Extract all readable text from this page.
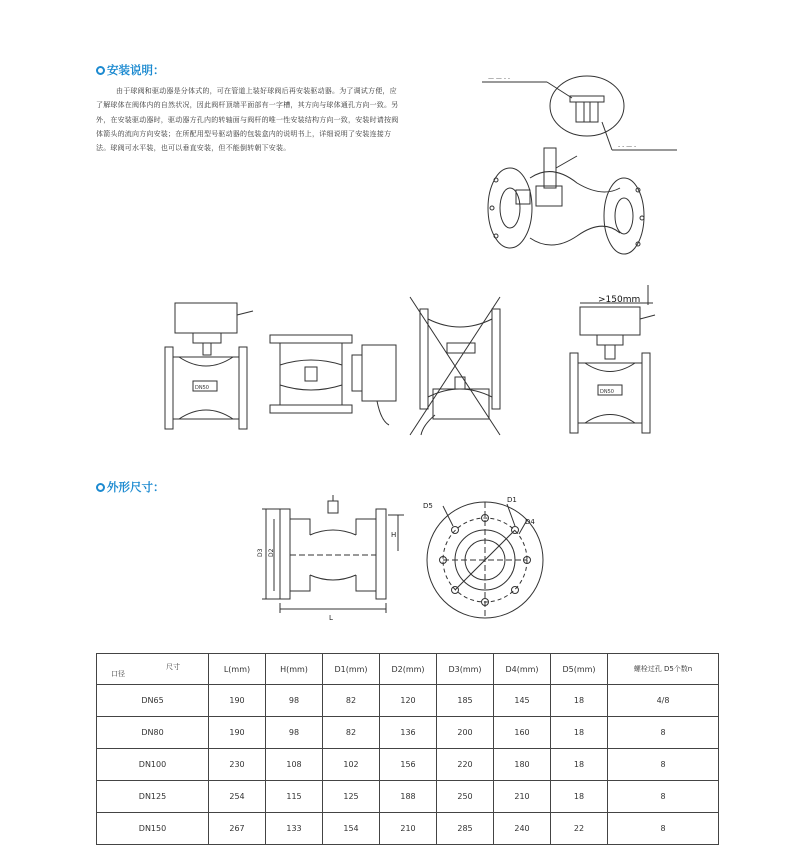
安装说明：
由于球阀和驱动器是分体式的，可在管道上装好球阀后再安装驱动器。为了调试方便，应了解球体在阀体内的自然状况，因此阀杆顶端平面部有一字槽，其方向与球体通孔方向一致。另外，在安装驱动器时，驱动器方孔内的转轴面与阀杆的唯一性安装结构方向一致，安装时请按阀体箭头的流向方向安装；在所配用型号驱动器的包装盒内的说明书上，详细说明了安装连接方法。球阀可水平装，也可以垂直安装，但不能倒转朝下安装。
— — - -
- - — -
DN50
DN50
>150mm
外形尺寸：
H
L
D3 D2
D5
D1
D4
尺寸
口径	L(mm)	H(mm)	D1(mm)	D2(mm)	D3(mm)	D4(mm)	D5(mm)	螺栓过孔 D5个数n
DN65	190	98	82	120	185	145	18	4/8
DN80	190	98	82	136	200	160	18	8
DN100	230	108	102	156	220	180	18	8
DN125	254	115	125	188	250	210	18	8
DN150	267	133	154	210	285	240	22	8
